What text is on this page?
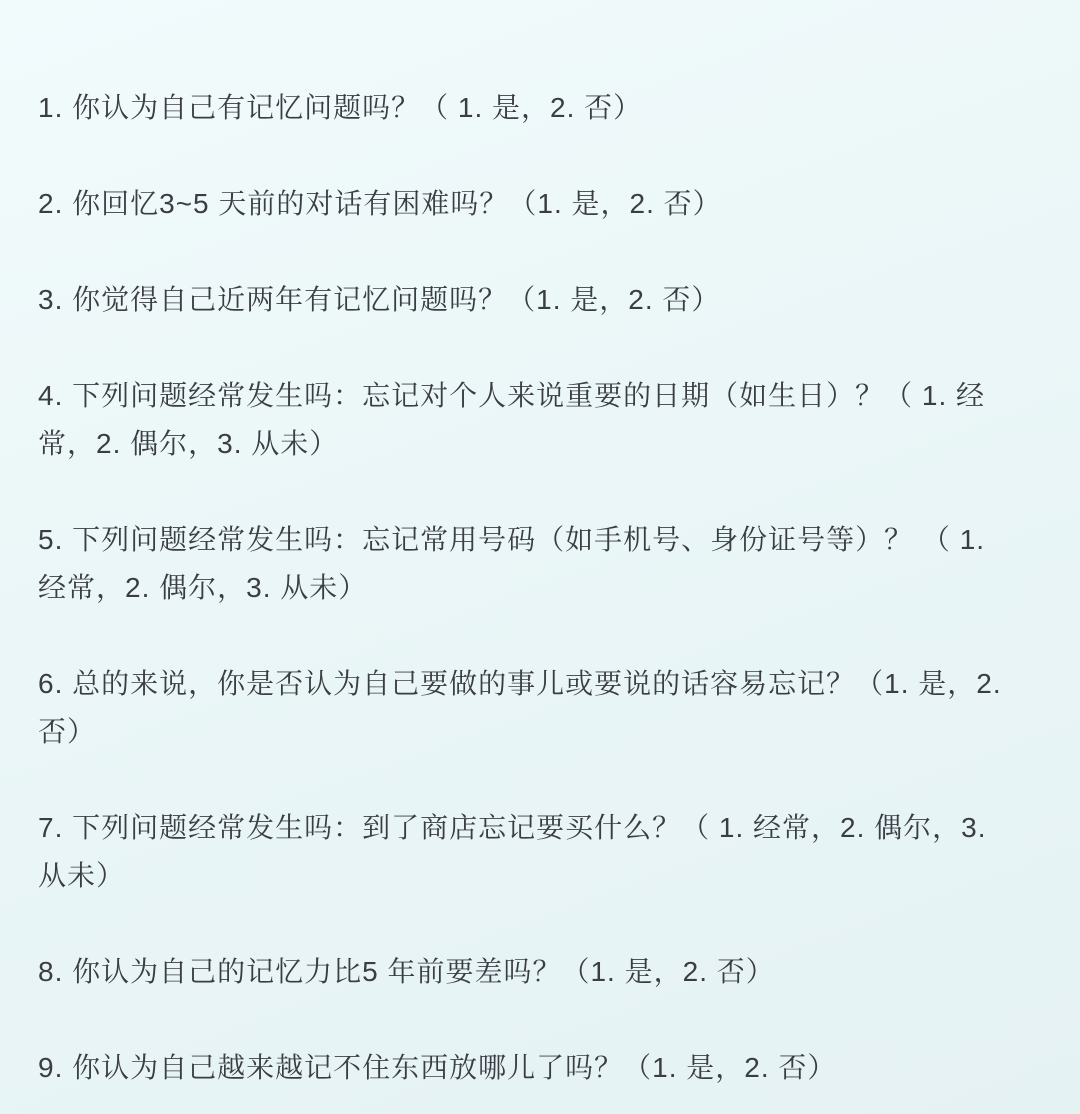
1. 你认为自己有记忆问题吗？（ 1. 是，2. 否）
2. 你回忆3~5 天前的对话有困难吗？（1. 是，2. 否）
3. 你觉得自己近两年有记忆问题吗？（1. 是，2. 否）
4. 下列问题经常发生吗：忘记对个人来说重要的日期（如生日）？（ 1. 经
常，2. 偶尔，3. 从未）
5. 下列问题经常发生吗：忘记常用号码（如手机号、身份证号等）？ （ 1.
经常，2. 偶尔，3. 从未）
6. 总的来说，你是否认为自己要做的事儿或要说的话容易忘记？（1. 是，2.
否）
7. 下列问题经常发生吗：到了商店忘记要买什么？（ 1. 经常，2. 偶尔，3.
从未）
8. 你认为自己的记忆力比5 年前要差吗？（1. 是，2. 否）
9. 你认为自己越来越记不住东西放哪儿了吗？（1. 是，2. 否）
